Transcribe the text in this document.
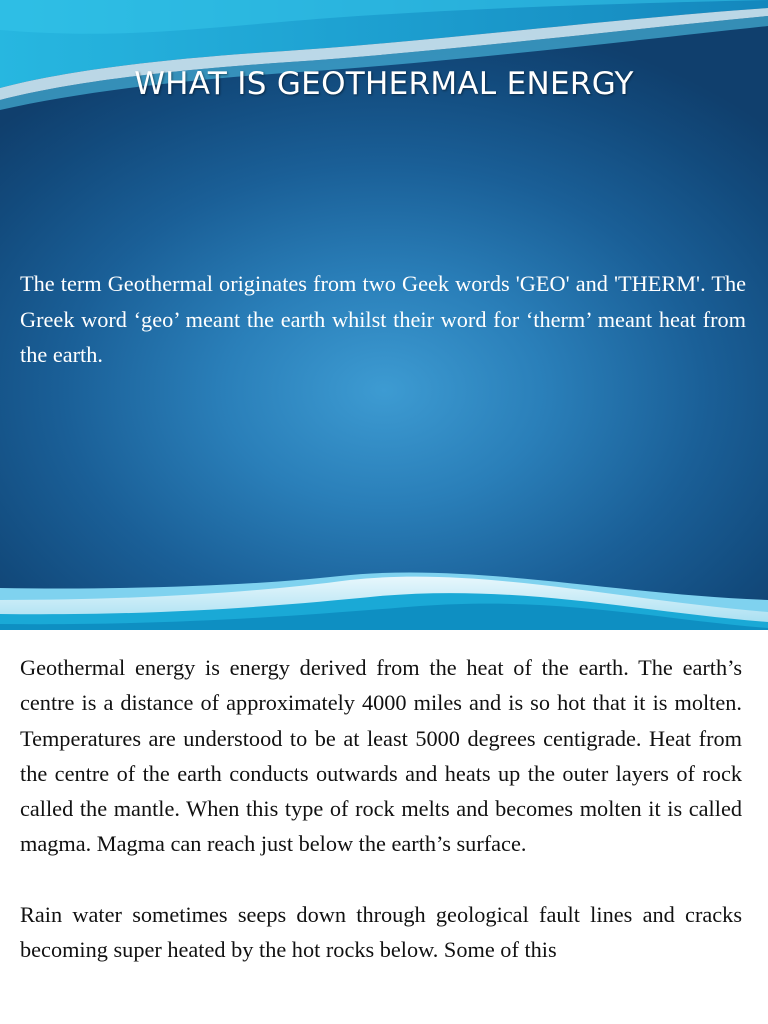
WHAT IS GEOTHERMAL ENERGY

The term Geothermal originates from two Geek words 'GEO' and 'THERM'. The Greek word ‘geo’ meant the earth whilst their word for ‘therm’ meant heat from the earth.

Geothermal energy is energy derived from the heat of the earth. The earth’s centre is a distance of approximately 4000 miles and is so hot that it is molten. Temperatures are understood to be at least 5000 degrees centigrade. Heat from the centre of the earth conducts outwards and heats up the outer layers of rock called the mantle. When this type of rock melts and becomes molten it is called magma. Magma can reach just below the earth’s surface.

Rain water sometimes seeps down through geological fault lines and cracks becoming super heated by the hot rocks below. Some of this
